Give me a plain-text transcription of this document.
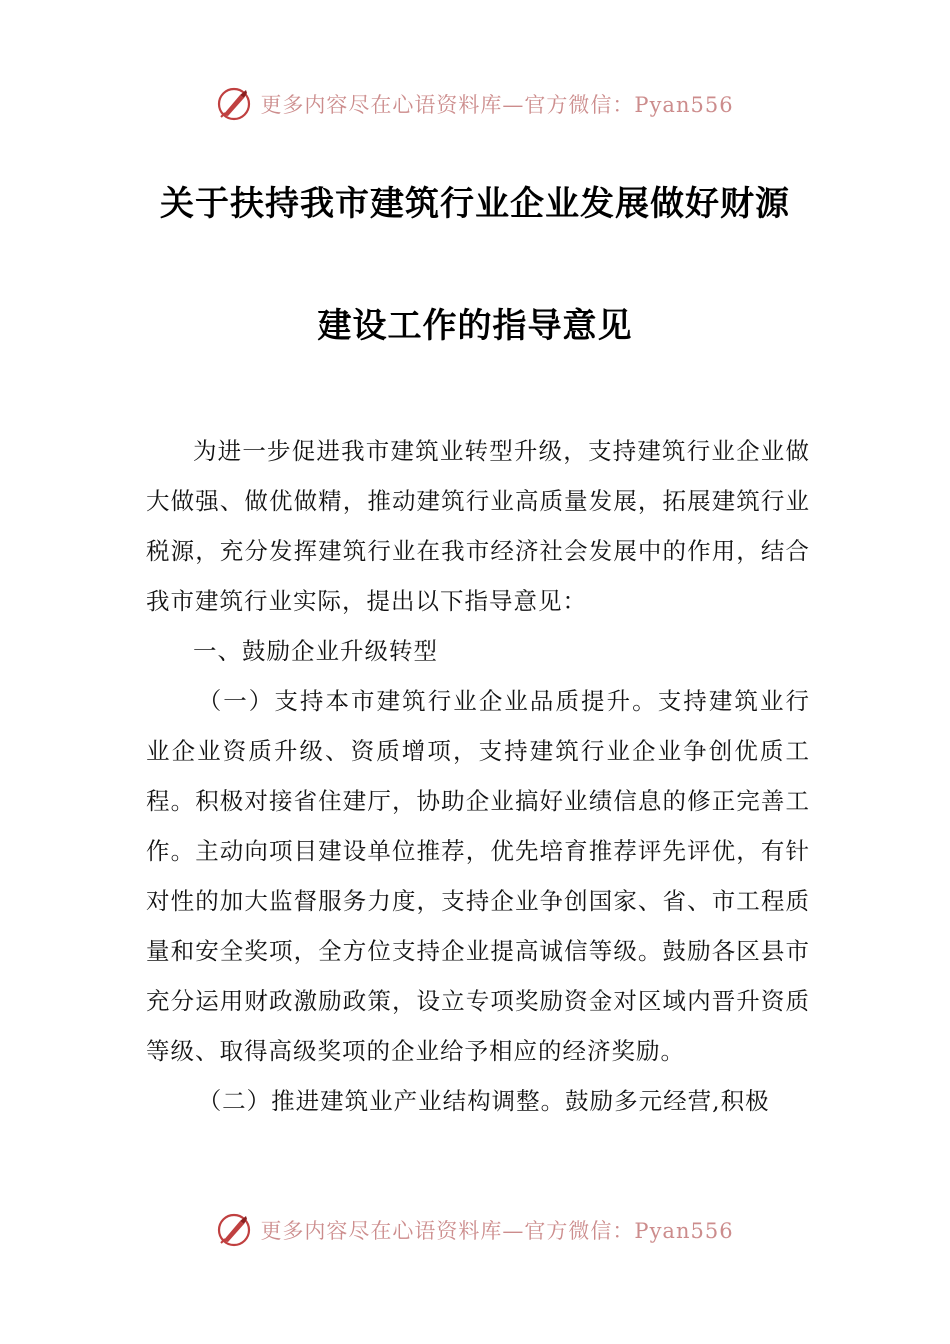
更多内容尽在心语资料库—官方微信：Pyan556
关于扶持我市建筑行业企业发展做好财源
建设工作的指导意见

为进一步促进我市建筑业转型升级，支持建筑行业企业做大做强、做优做精，推动建筑行业高质量发展，拓展建筑行业税源，充分发挥建筑行业在我市经济社会发展中的作用，结合我市建筑行业实际，提出以下指导意见：

一、鼓励企业升级转型

（一）支持本市建筑行业企业品质提升。支持建筑业行业企业资质升级、资质增项，支持建筑行业企业争创优质工程。积极对接省住建厅，协助企业搞好业绩信息的修正完善工作。主动向项目建设单位推荐，优先培育推荐评先评优，有针对性的加大监督服务力度，支持企业争创国家、省、市工程质量和安全奖项，全方位支持企业提高诚信等级。鼓励各区县市充分运用财政激励政策，设立专项奖励资金对区域内晋升资质等级、取得高级奖项的企业给予相应的经济奖励。

（二）推进建筑业产业结构调整。鼓励多元经营,积极

更多内容尽在心语资料库—官方微信：Pyan556
